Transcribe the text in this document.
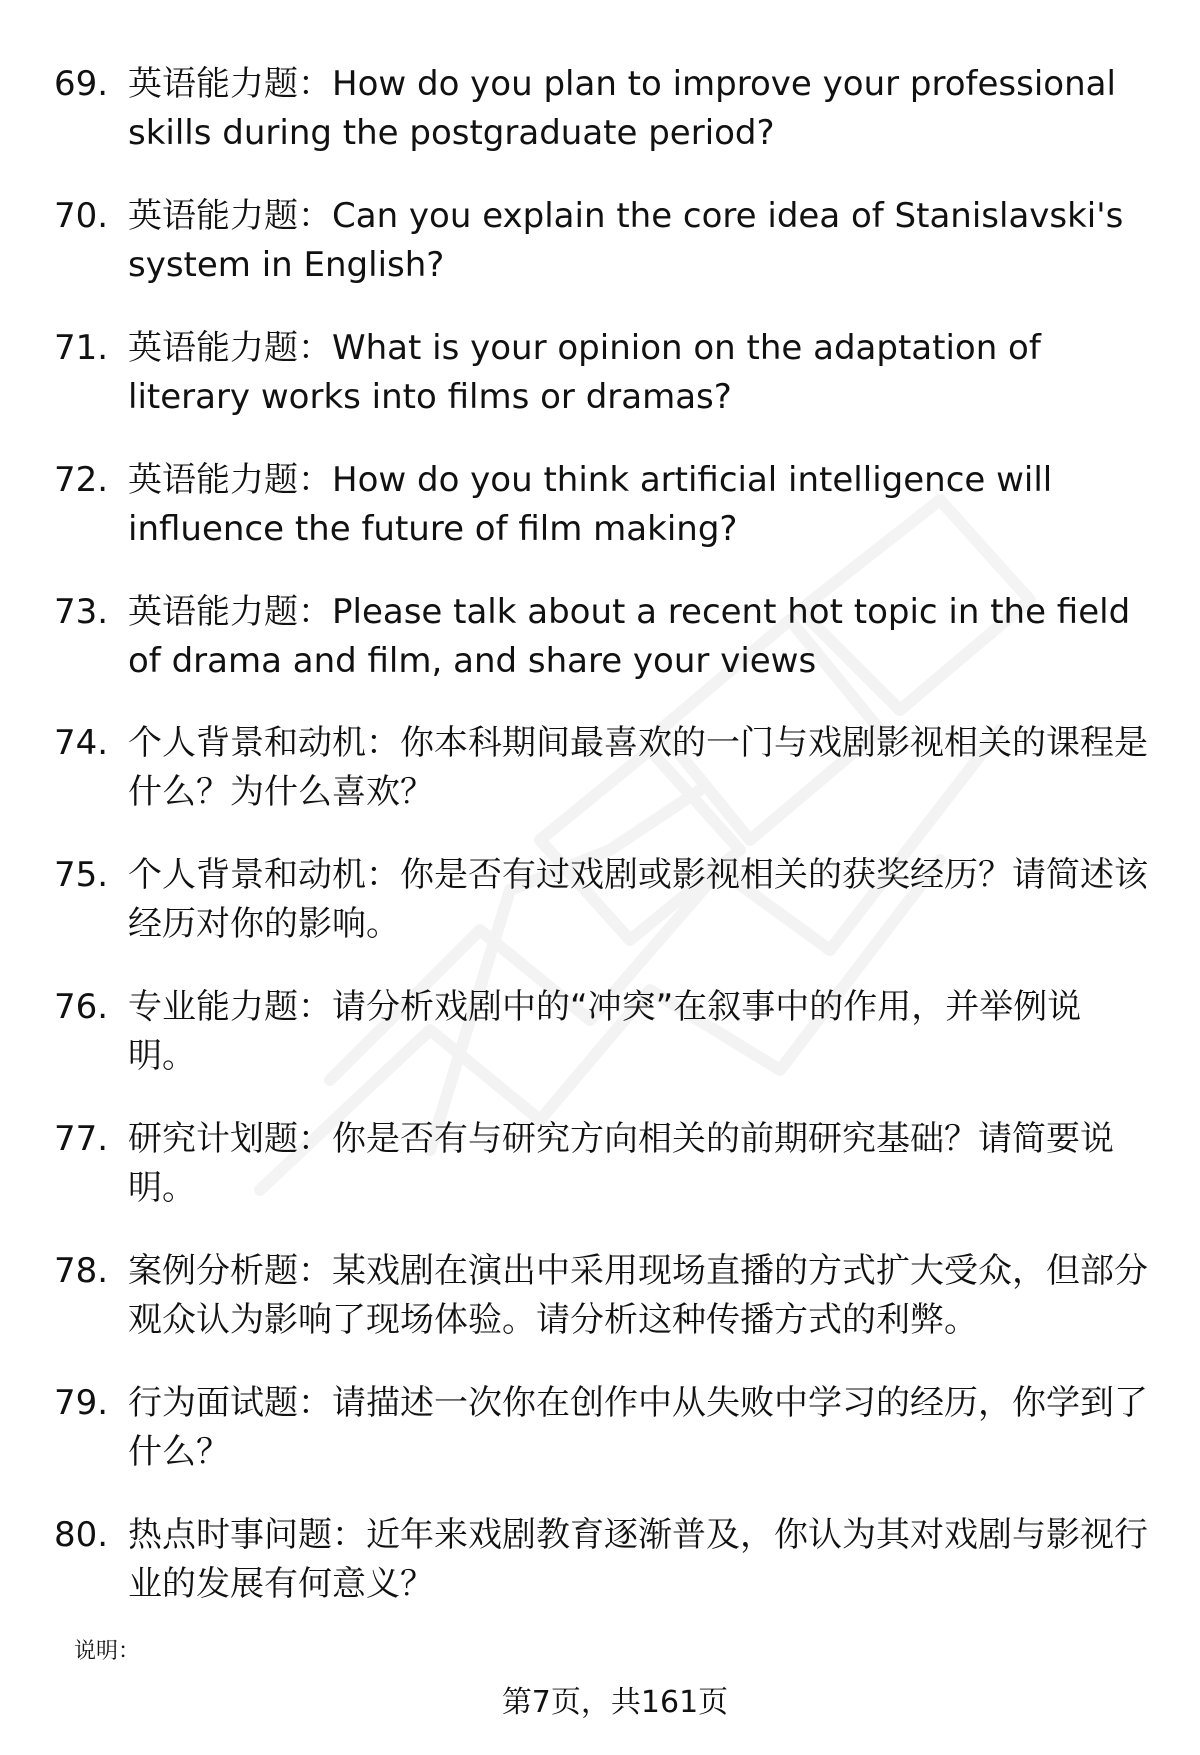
69. 英语能力题：How do you plan to improve your professional skills during the postgraduate period?
70. 英语能力题：Can you explain the core idea of Stanislavski's system in English?
71. 英语能力题：What is your opinion on the adaptation of literary works into films or dramas?
72. 英语能力题：How do you think artificial intelligence will influence the future of film making?
73. 英语能力题：Please talk about a recent hot topic in the field of drama and film, and share your views
74. 个人背景和动机：你本科期间最喜欢的一门与戏剧影视相关的课程是什么？为什么喜欢？
75. 个人背景和动机：你是否有过戏剧或影视相关的获奖经历？请简述该经历对你的影响。
76. 专业能力题：请分析戏剧中的“冲突”在叙事中的作用，并举例说明。
77. 研究计划题：你是否有与研究方向相关的前期研究基础？请简要说明。
78. 案例分析题：某戏剧在演出中采用现场直播的方式扩大受众，但部分观众认为影响了现场体验。请分析这种传播方式的利弊。
79. 行为面试题：请描述一次你在创作中从失败中学习的经历，你学到了什么？
80. 热点时事问题：近年来戏剧教育逐渐普及，你认为其对戏剧与影视行业的发展有何意义？
说明：
第7页，共161页
